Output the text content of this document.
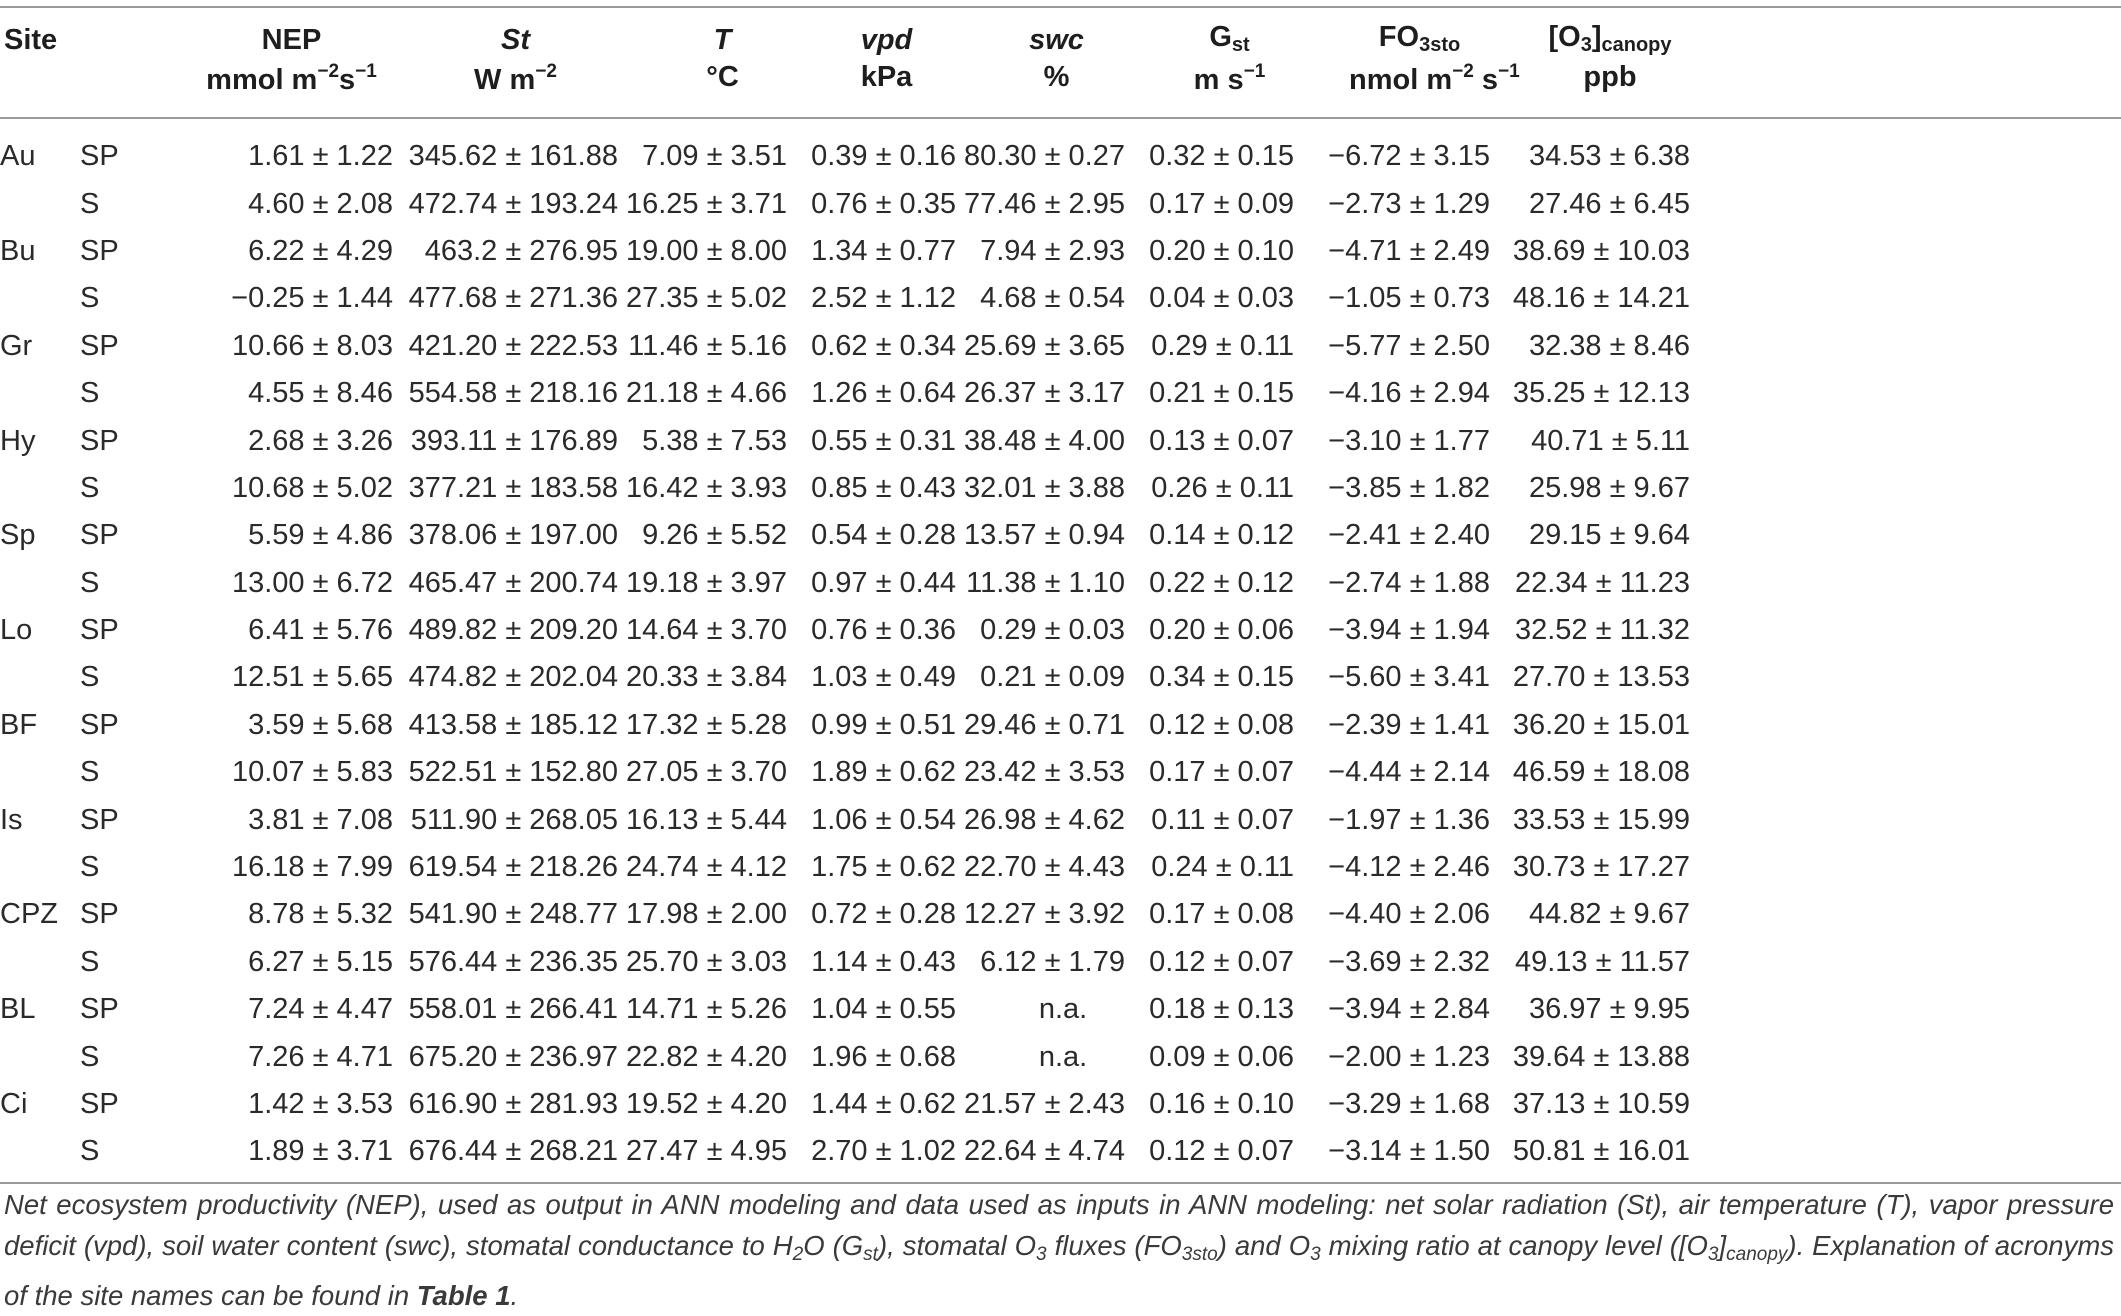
Site		NEP	St	T	vpd	swc	$G_{st}$	$FO_{3sto}$	$[O_3]_{canopy}$	
		mmol $m^{-2}s^{-1}$	W $m^{-2}$	°C	kPa	%	m $s^{-1}$	nmol $m^{-2}$ $s^{-1}$	ppb	
Au	SP	1.61 ± 1.22	345.62 ± 161.88	7.09 ± 3.51	0.39 ± 0.16	80.30 ± 0.27	0.32 ± 0.15	−6.72 ± 3.15	34.53 ± 6.38	
	S	4.60 ± 2.08	472.74 ± 193.24	16.25 ± 3.71	0.76 ± 0.35	77.46 ± 2.95	0.17 ± 0.09	−2.73 ± 1.29	27.46 ± 6.45	
Bu	SP	6.22 ± 4.29	463.2 ± 276.95	19.00 ± 8.00	1.34 ± 0.77	7.94 ± 2.93	0.20 ± 0.10	−4.71 ± 2.49	38.69 ± 10.03	
	S	−0.25 ± 1.44	477.68 ± 271.36	27.35 ± 5.02	2.52 ± 1.12	4.68 ± 0.54	0.04 ± 0.03	−1.05 ± 0.73	48.16 ± 14.21	
Gr	SP	10.66 ± 8.03	421.20 ± 222.53	11.46 ± 5.16	0.62 ± 0.34	25.69 ± 3.65	0.29 ± 0.11	−5.77 ± 2.50	32.38 ± 8.46	
	S	4.55 ± 8.46	554.58 ± 218.16	21.18 ± 4.66	1.26 ± 0.64	26.37 ± 3.17	0.21 ± 0.15	−4.16 ± 2.94	35.25 ± 12.13	
Hy	SP	2.68 ± 3.26	393.11 ± 176.89	5.38 ± 7.53	0.55 ± 0.31	38.48 ± 4.00	0.13 ± 0.07	−3.10 ± 1.77	40.71 ± 5.11	
	S	10.68 ± 5.02	377.21 ± 183.58	16.42 ± 3.93	0.85 ± 0.43	32.01 ± 3.88	0.26 ± 0.11	−3.85 ± 1.82	25.98 ± 9.67	
Sp	SP	5.59 ± 4.86	378.06 ± 197.00	9.26 ± 5.52	0.54 ± 0.28	13.57 ± 0.94	0.14 ± 0.12	−2.41 ± 2.40	29.15 ± 9.64	
	S	13.00 ± 6.72	465.47 ± 200.74	19.18 ± 3.97	0.97 ± 0.44	11.38 ± 1.10	0.22 ± 0.12	−2.74 ± 1.88	22.34 ± 11.23	
Lo	SP	6.41 ± 5.76	489.82 ± 209.20	14.64 ± 3.70	0.76 ± 0.36	0.29 ± 0.03	0.20 ± 0.06	−3.94 ± 1.94	32.52 ± 11.32	
	S	12.51 ± 5.65	474.82 ± 202.04	20.33 ± 3.84	1.03 ± 0.49	0.21 ± 0.09	0.34 ± 0.15	−5.60 ± 3.41	27.70 ± 13.53	
BF	SP	3.59 ± 5.68	413.58 ± 185.12	17.32 ± 5.28	0.99 ± 0.51	29.46 ± 0.71	0.12 ± 0.08	−2.39 ± 1.41	36.20 ± 15.01	
	S	10.07 ± 5.83	522.51 ± 152.80	27.05 ± 3.70	1.89 ± 0.62	23.42 ± 3.53	0.17 ± 0.07	−4.44 ± 2.14	46.59 ± 18.08	
Is	SP	3.81 ± 7.08	511.90 ± 268.05	16.13 ± 5.44	1.06 ± 0.54	26.98 ± 4.62	0.11 ± 0.07	−1.97 ± 1.36	33.53 ± 15.99	
	S	16.18 ± 7.99	619.54 ± 218.26	24.74 ± 4.12	1.75 ± 0.62	22.70 ± 4.43	0.24 ± 0.11	−4.12 ± 2.46	30.73 ± 17.27	
CPZ	SP	8.78 ± 5.32	541.90 ± 248.77	17.98 ± 2.00	0.72 ± 0.28	12.27 ± 3.92	0.17 ± 0.08	−4.40 ± 2.06	44.82 ± 9.67	
	S	6.27 ± 5.15	576.44 ± 236.35	25.70 ± 3.03	1.14 ± 0.43	6.12 ± 1.79	0.12 ± 0.07	−3.69 ± 2.32	49.13 ± 11.57	
BL	SP	7.24 ± 4.47	558.01 ± 266.41	14.71 ± 5.26	1.04 ± 0.55	n.a.	0.18 ± 0.13	−3.94 ± 2.84	36.97 ± 9.95	
	S	7.26 ± 4.71	675.20 ± 236.97	22.82 ± 4.20	1.96 ± 0.68	n.a.	0.09 ± 0.06	−2.00 ± 1.23	39.64 ± 13.88	
Ci	SP	1.42 ± 3.53	616.90 ± 281.93	19.52 ± 4.20	1.44 ± 0.62	21.57 ± 2.43	0.16 ± 0.10	−3.29 ± 1.68	37.13 ± 10.59	
	S	1.89 ± 3.71	676.44 ± 268.21	27.47 ± 4.95	2.70 ± 1.02	22.64 ± 4.74	0.12 ± 0.07	−3.14 ± 1.50	50.81 ± 16.01	
Net ecosystem productivity (NEP), used as output in ANN modeling and data used as inputs in ANN modeling: net solar radiation (St), air temperature (T), vapor pressure deficit (vpd), soil water content (swc), stomatal conductance to H2O (Gst), stomatal O3 fluxes (FO3sto) and O3 mixing ratio at canopy level ([O3]canopy). Explanation of acronyms of the site names can be found in Table 1.
